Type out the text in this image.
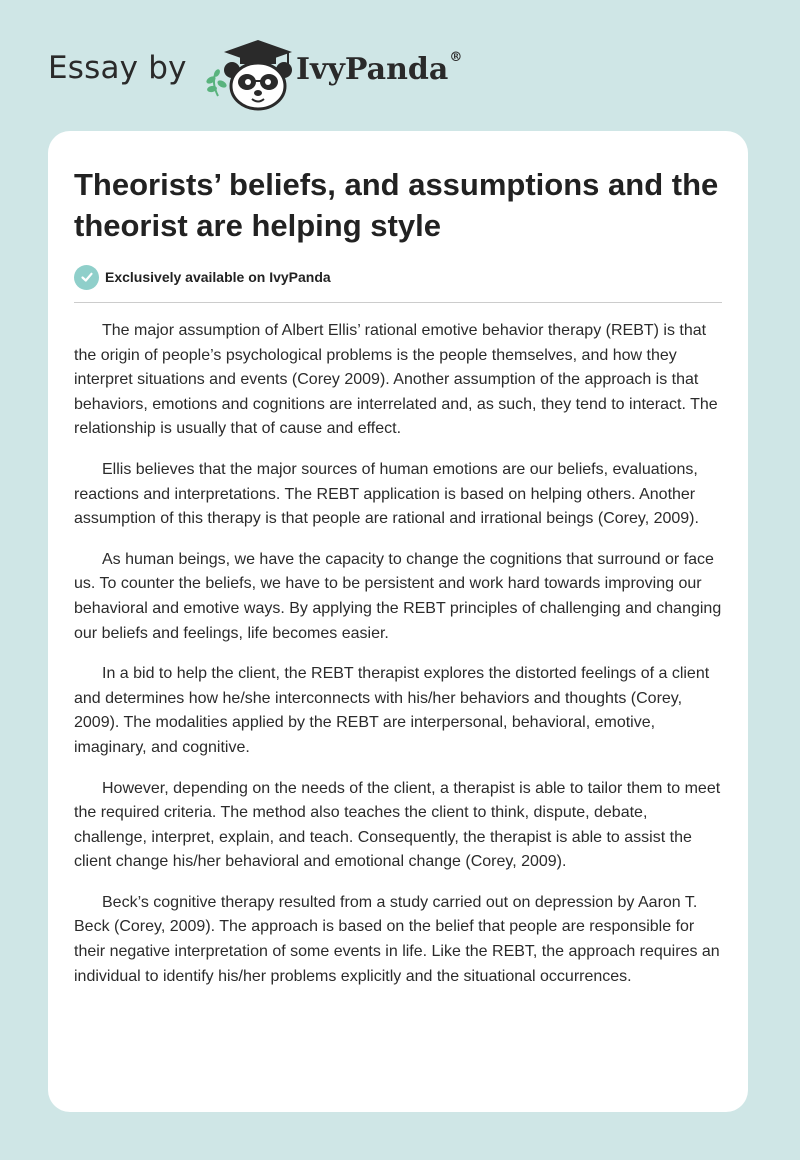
Essay by	IvyPanda®
Theorists’ beliefs, and assumptions and the theorist are helping style
Exclusively available on IvyPanda

The major assumption of Albert Ellis’ rational emotive behavior therapy (REBT) is that the origin of people’s psychological problems is the people themselves, and how they interpret situations and events (Corey 2009). Another assumption of the approach is that behaviors, emotions and cognitions are interrelated and, as such, they tend to interact. The relationship is usually that of cause and effect.

Ellis believes that the major sources of human emotions are our beliefs, evaluations, reactions and interpretations. The REBT application is based on helping others. Another assumption of this therapy is that people are rational and irrational beings (Corey, 2009).

As human beings, we have the capacity to change the cognitions that surround or face us. To counter the beliefs, we have to be persistent and work hard towards improving our behavioral and emotive ways. By applying the REBT principles of challenging and changing our beliefs and feelings, life becomes easier.

In a bid to help the client, the REBT therapist explores the distorted feelings of a client and determines how he/she interconnects with his/her behaviors and thoughts (Corey, 2009). The modalities applied by the REBT are interpersonal, behavioral, emotive, imaginary, and cognitive.

However, depending on the needs of the client, a therapist is able to tailor them to meet the required criteria. The method also teaches the client to think, dispute, debate, challenge, interpret, explain, and teach. Consequently, the therapist is able to assist the client change his/her behavioral and emotional change (Corey, 2009).

Beck’s cognitive therapy resulted from a study carried out on depression by Aaron T. Beck (Corey, 2009). The approach is based on the belief that people are responsible for their negative interpretation of some events in life. Like the REBT, the approach requires an individual to identify his/her problems explicitly and the situational occurrences.
